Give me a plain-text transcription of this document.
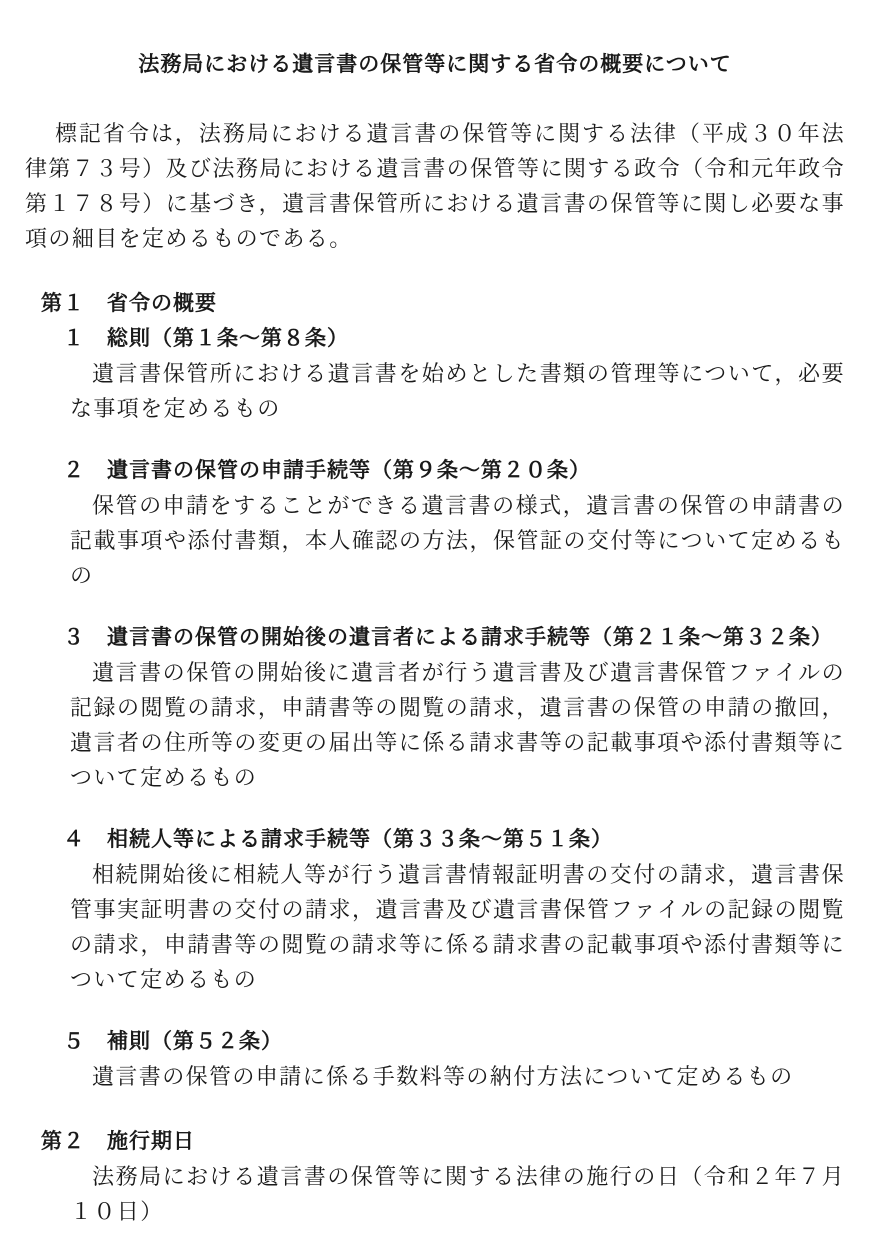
法務局における遺言書の保管等に関する省令の概要について

標記省令は，法務局における遺言書の保管等に関する法律（平成３０年法律第７３号）及び法務局における遺言書の保管等に関する政令（令和元年政令第１７８号）に基づき，遺言書保管所における遺言書の保管等に関し必要な事項の細目を定めるものである。

第１　省令の概要
１　総則（第１条～第８条）

遺言書保管所における遺言書を始めとした書類の管理等について，必要な事項を定めるもの

２　遺言書の保管の申請手続等（第９条～第２０条）

保管の申請をすることができる遺言書の様式，遺言書の保管の申請書の記載事項や添付書類，本人確認の方法，保管証の交付等について定めるもの

３　遺言書の保管の開始後の遺言者による請求手続等（第２１条～第３２条）

遺言書の保管の開始後に遺言者が行う遺言書及び遺言書保管ファイルの記録の閲覧の請求，申請書等の閲覧の請求，遺言書の保管の申請の撤回，遺言者の住所等の変更の届出等に係る請求書等の記載事項や添付書類等について定めるもの

４　相続人等による請求手続等（第３３条～第５１条）

相続開始後に相続人等が行う遺言書情報証明書の交付の請求，遺言書保管事実証明書の交付の請求，遺言書及び遺言書保管ファイルの記録の閲覧の請求，申請書等の閲覧の請求等に係る請求書の記載事項や添付書類等について定めるもの

５　補則（第５２条）

遺言書の保管の申請に係る手数料等の納付方法について定めるもの

第２　施行期日

法務局における遺言書の保管等に関する法律の施行の日（令和２年７月１０日）
